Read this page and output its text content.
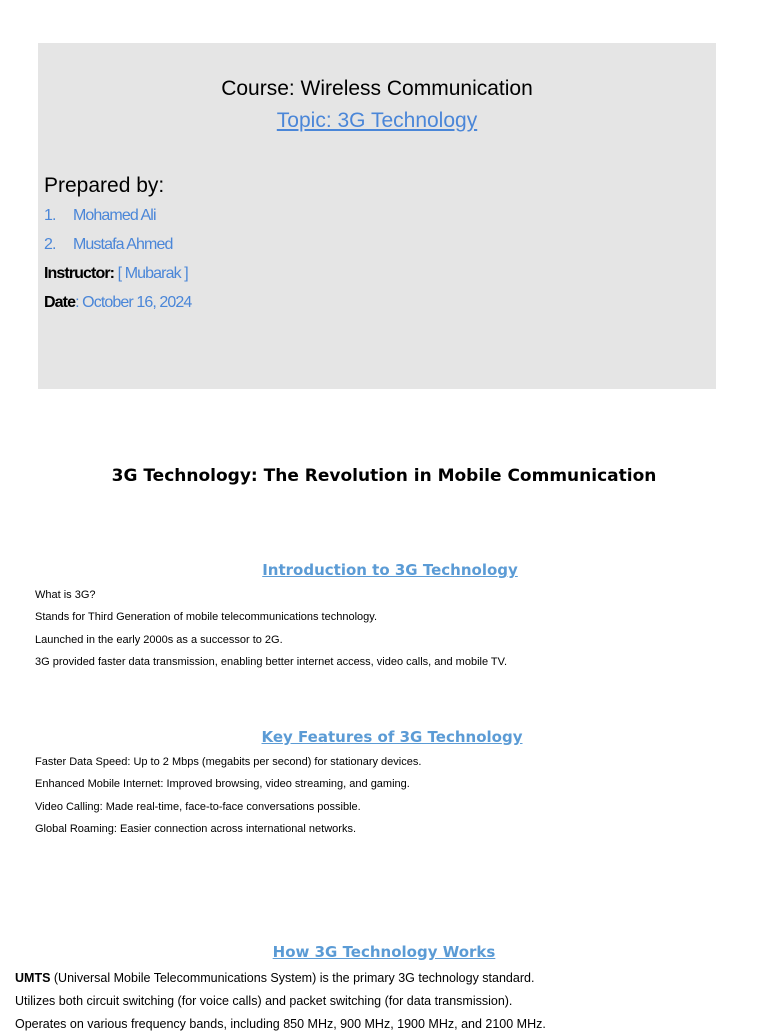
Course: Wireless Communication
Topic: 3G Technology
Prepared by:
1. Mohamed Ali
2. Mustafa Ahmed
Instructor: [ Mubarak ]
Date: October 16, 2024
3G Technology: The Revolution in Mobile Communication
Introduction to 3G Technology
What is 3G?
Stands for Third Generation of mobile telecommunications technology.
Launched in the early 2000s as a successor to 2G.
3G provided faster data transmission, enabling better internet access, video calls, and mobile TV.
Key Features of 3G Technology
Faster Data Speed: Up to 2 Mbps (megabits per second) for stationary devices.
Enhanced Mobile Internet: Improved browsing, video streaming, and gaming.
Video Calling: Made real-time, face-to-face conversations possible.
Global Roaming: Easier connection across international networks.
How 3G Technology Works
UMTS (Universal Mobile Telecommunications System) is the primary 3G technology standard.
Utilizes both circuit switching (for voice calls) and packet switching (for data transmission).
Operates on various frequency bands, including 850 MHz, 900 MHz, 1900 MHz, and 2100 MHz.
